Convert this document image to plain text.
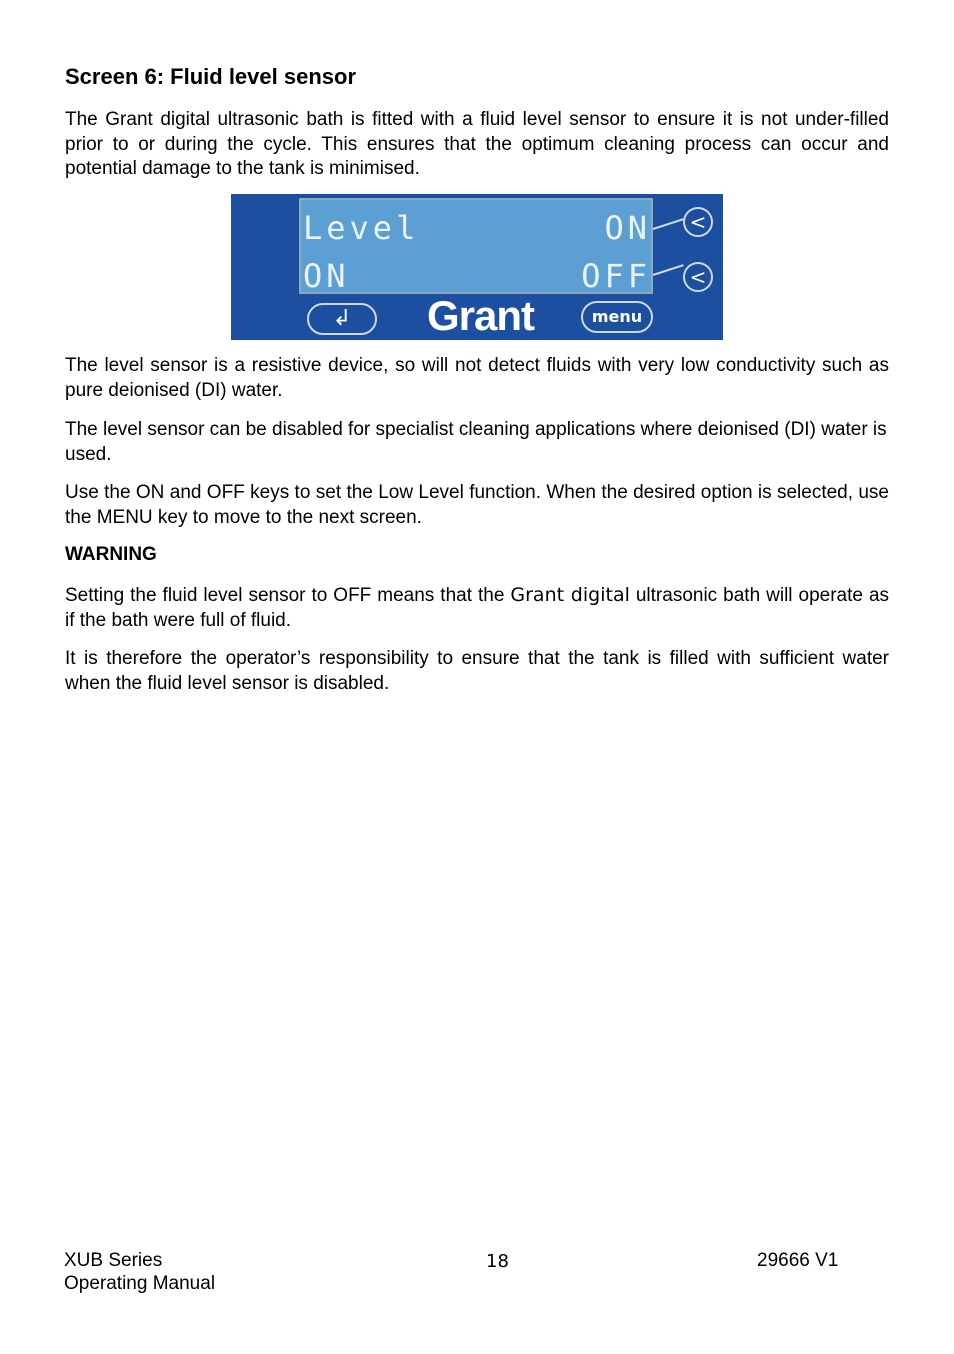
Screen 6: Fluid level sensor

The Grant digital ultrasonic bath is fitted with a fluid level sensor to ensure it is not under-filled prior to or during the cycle. This ensures that the optimum cleaning process can occur and potential damage to the tank is minimised.

The level sensor is a resistive device, so will not detect fluids with very low conductivity such as pure deionised (DI) water.

The level sensor can be disabled for specialist cleaning applications where deionised (DI) water is used.

Use the ON and OFF keys to set the Low Level function. When the desired option is selected, use the MENU key to move to the next screen.

WARNING

Setting the fluid level sensor to OFF means that the Grant digital ultrasonic bath will operate as if the bath were full of fluid.

It is therefore the operator’s responsibility to ensure that the tank is filled with sufficient water when the fluid level sensor is disabled.

Level	ON
ON	OFF
<
<
↲	Grant	menu
XUB Series
Operating Manual
18	29666 V1
